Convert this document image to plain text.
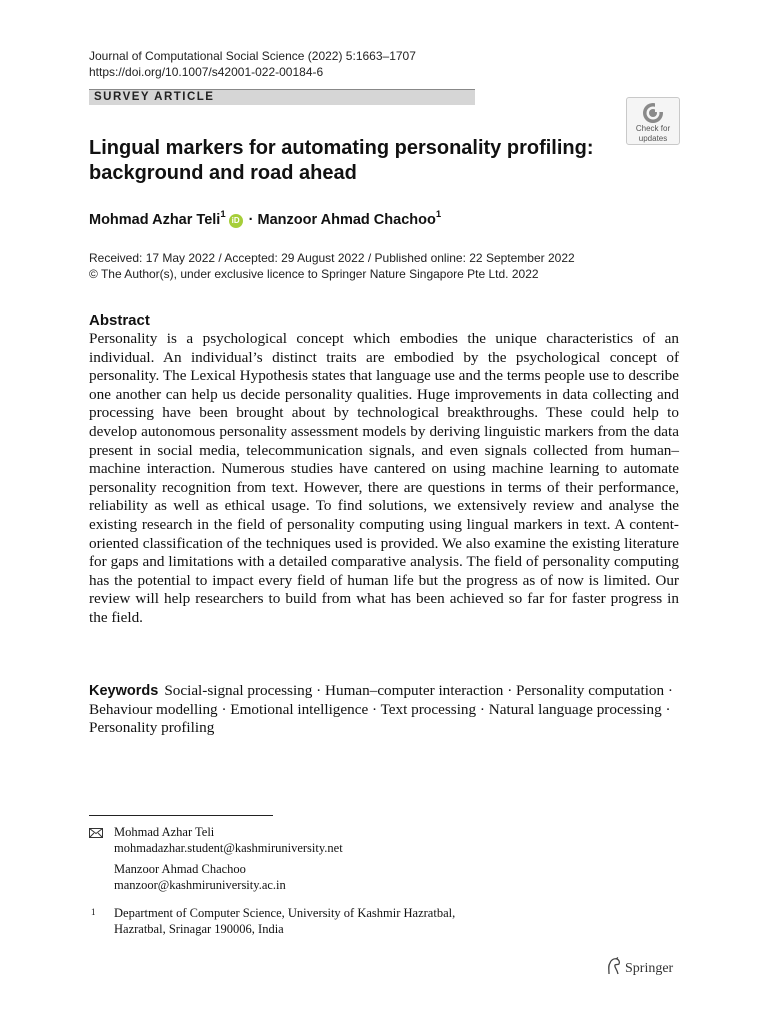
Journal of Computational Social Science (2022) 5:1663–1707
https://doi.org/10.1007/s42001-022-00184-6
SURVEY ARTICLE
Check for
updates
Lingual markers for automating personality profiling: background and road ahead
Mohmad Azhar Teli$^1$iD · Manzoor Ahmad Chachoo$^1$
Received: 17 May 2022 / Accepted: 29 August 2022 / Published online: 22 September 2022
© The Author(s), under exclusive licence to Springer Nature Singapore Pte Ltd. 2022
Abstract

Personality is a psychological concept which embodies the unique characteristics of an individual. An individual’s distinct traits are embodied by the psychological concept of personality. The Lexical Hypothesis states that language use and the terms people use to describe one another can help us decide personality qualities. Huge improvements in data collecting and processing have been brought about by technological breakthroughs. These could help to develop autonomous personality assessment models by deriving linguistic markers from the data present in social media, telecommunication signals, and even signals collected from human–machine interaction. Numerous studies have cantered on using machine learning to automate personality recognition from text. However, there are questions in terms of their performance, reliability as well as ethical usage. To find solutions, we extensively review and analyse the existing research in the field of personality computing using lingual markers in text. A content-oriented classification of the techniques used is provided. We also examine the existing literature for gaps and limitations with a detailed comparative analysis. The field of personality computing has the potential to impact every field of human life but the progress as of now is limited. Our review will help researchers to build from what has been achieved so far for faster progress in the field.

Keywords Social-signal processing · Human–computer interaction · Personality computation · Behaviour modelling · Emotional intelligence · Text processing · Natural language processing · Personality profiling

Mohmad Azhar Teli
mohmadazhar.student@kashmiruniversity.net
Manzoor Ahmad Chachoo
manzoor@kashmiruniversity.ac.in
1 Department of Computer Science, University of Kashmir Hazratbal,
Hazratbal, Srinagar 190006, India
Springer
